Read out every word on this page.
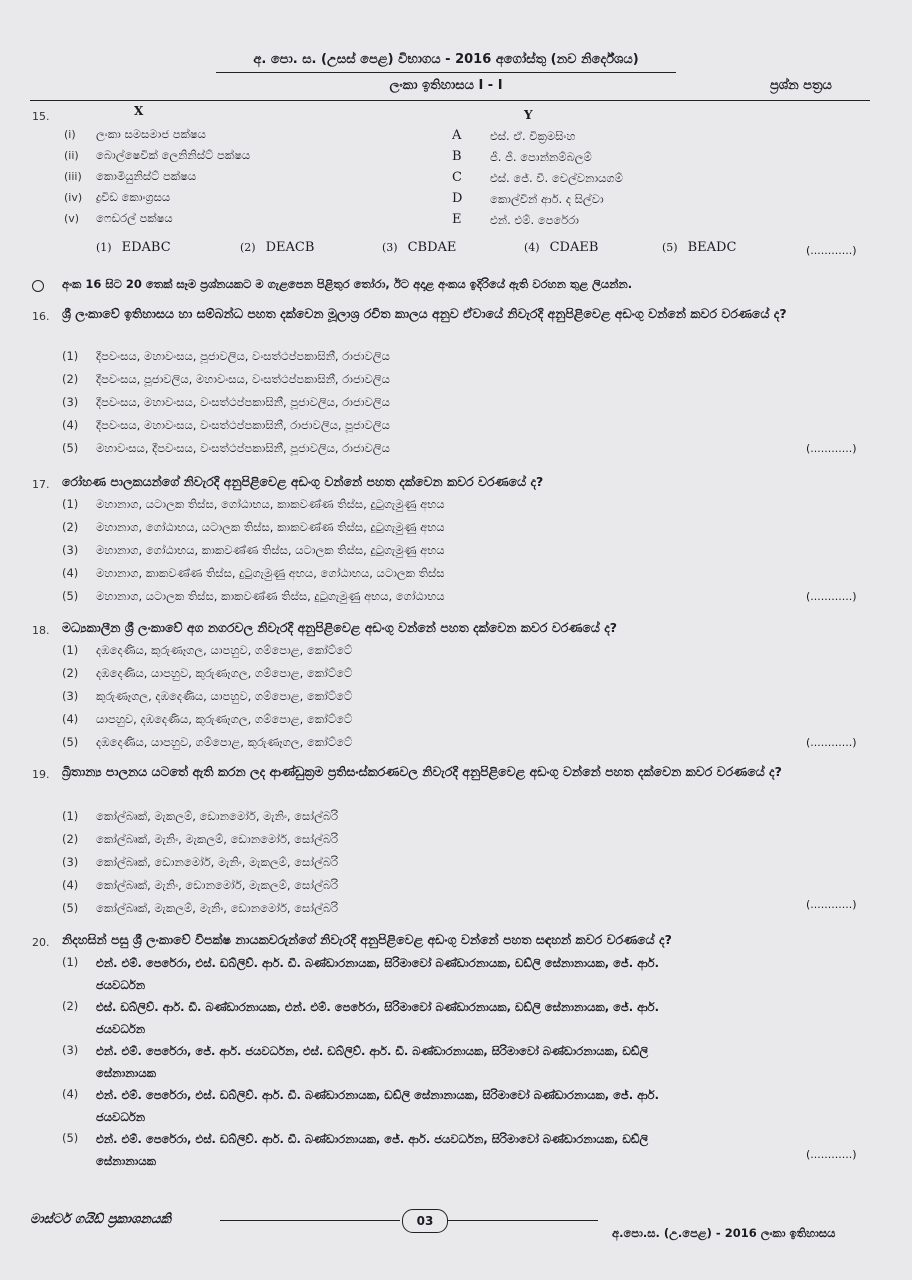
අ. පො. ස. (උසස් පෙළ) විභාගය - 2016 අගෝස්තු (නව නිර්දේශය)
ලංකා ඉතිහාසය I - I	ප්‍රශ්න පත්‍රය
15.	X	Y
(i) ලංකා සමසමාජ පක්ෂය
(ii) බොල්ෂෙවික් ලෙනිනිස්ට් පක්ෂය
(iii) කොමියුනිස්ට් පක්ෂය
(iv) ද්‍රවිඩ කොංග්‍රසය
(v) ෆෙඩරල් පක්ෂය
A එස්. ඒ. වික්‍රමසිංහ
B ජී. ජී. පොන්නම්බලම්
C එස්. ජේ. වී. චෙල්වනායගම්
D කොල්වින් ආර්. ද සිල්වා
E එන්. එම්. පෙරේරා
(1) EDABC	(2) DEACB	(3) CBDAE	(4) CDAEB	(5) BEADC	(............)
අංක 16 සිට 20 තෙක් සෑම ප්‍රශ්නයකට ම ගැළපෙන පිළිතුර තෝරා, ඊට අදාළ අංකය ඉදිරියේ ඇති වරහන තුළ ලියන්න.
16. ශ්‍රී ලංකාවේ ඉතිහාසය හා සම්බන්ධ පහත දක්වෙන මූලාශ්‍ර රචිත කාලය අනුව ඒවායේ නිවැරදි අනුපිළිවෙළ අඩංගු වන්නේ කවර වරණයේ ද?
(1)	දීපවංසය, මහාවංසය, පූජාවලිය, වංසත්ථප්පකාසිනී, රාජාවලිය
(2)	දීපවංසය, පූජාවලිය, මහාවංසය, වංසත්ථප්පකාසිනී, රාජාවලිය
(3)	දීපවංසය, මහාවංසය, වංසත්ථප්පකාසිනී, පූජාවලිය, රාජාවලිය
(4)	දීපවංසය, මහාවංසය, වංසත්ථප්පකාසිනී, රාජාවලිය, පූජාවලිය
(5)	මහාවංසය, දීපවංසය, වංසත්ථප්පකාසිනී, පූජාවලිය, රාජාවලිය	(............)
17. රෝහණ පාලකයන්ගේ නිවැරදි අනුපිළිවෙළ අඩංගු වන්නේ පහත දක්වෙන කවර වරණයේ ද?
(1)	මහානාග, යටාලක තිස්ස, ගෝඨාභය, කාකවණ්ණ තිස්ස, දුටුගැමුණු අභය
(2)	මහානාග, ගෝඨාභය, යටාලක තිස්ස, කාකවණ්ණ තිස්ස, දුටුගැමුණු අභය
(3)	මහානාග, ගෝඨාභය, කාකවණ්ණ තිස්ස, යටාලක තිස්ස, දුටුගැමුණු අභය
(4)	මහානාග, කාකවණ්ණ තිස්ස, දුටුගැමුණු අභය, ගෝඨාභය, යටාලක තිස්ස
(5)	මහානාග, යටාලක තිස්ස, කාකවණ්ණ තිස්ස, දුටුගැමුණු අභය, ගෝඨාභය	(............)
18. මධ්‍යකාලීන ශ්‍රී ලංකාවේ අග නගරවල නිවැරදි අනුපිළිවෙළ අඩංගු වන්නේ පහත දක්වෙන කවර වරණයේ ද?
(1)	දඹදෙණිය, කුරුණෑගල, යාපහුව, ගම්පොළ, කෝට්ටේ
(2)	දඹදෙණිය, යාපහුව, කුරුණෑගල, ගම්පොළ, කෝට්ටේ
(3)	කුරුණෑගල, දඹදෙණිය, යාපහුව, ගම්පොළ, කෝට්ටේ
(4)	යාපහුව, දඹදෙණිය, කුරුණෑගල, ගම්පොළ, කෝට්ටේ
(5)	දඹදෙණිය, යාපහුව, ගම්පොළ, කුරුණෑගල, කෝට්ටේ	(............)
19. බ්‍රිතාන්‍ය පාලනය යටතේ ඇති කරන ලද ආණ්ඩුක්‍රම ප්‍රතිසංස්කරණවල නිවැරදි අනුපිළිවෙළ අඩංගු වන්නේ පහත දක්වෙන කවර වරණයේ ද?
(1)	කෝල්බෘක්, මැකලම්, ඩොනමෝර්, මැනිං, සෝල්බරි
(2)	කෝල්බෘක්, මැනිං, මැකලම්, ඩොනමෝර්, සෝල්බරි
(3)	කෝල්බෘක්, ඩොනමෝර්, මැනිං, මැකලම්, සෝල්බරි
(4)	කෝල්බෘක්, මැනිං, ඩොනමෝර්, මැකලම්, සෝල්බරි
(5)	කෝල්බෘක්, මැකලම්, මැනිං, ඩොනමෝර්, සෝල්බරි	(............)
20. නිදහසින් පසු ශ්‍රී ලංකාවේ විපක්ෂ නායකවරුන්ගේ නිවැරදි අනුපිළිවෙළ අඩංගු වන්නේ පහත සඳහන් කවර වරණයේ ද?
(1)	එන්. එම්. පෙරේරා, එස්. ඩබ්ලිව්. ආර්. ඩී. බණ්ඩාරනායක, සිරිමාවෝ බණ්ඩාරනායක, ඩඩ්ලි සේනානායක, ජේ. ආර්.
ජයවර්ධන
(2)	එස්. ඩබ්ලිව්. ආර්. ඩී. බණ්ඩාරනායක, එන්. එම්. පෙරේරා, සිරිමාවෝ බණ්ඩාරනායක, ඩඩ්ලි සේනානායක, ජේ. ආර්.
ජයවර්ධන
(3)	එන්. එම්. පෙරේරා, ජේ. ආර්. ජයවර්ධන, එස්. ඩබ්ලිව්. ආර්. ඩී. බණ්ඩාරනායක, සිරිමාවෝ බණ්ඩාරනායක, ඩඩ්ලි
සේනානායක
(4)	එන්. එම්. පෙරේරා, එස්. ඩබ්ලිව්. ආර්. ඩී. බණ්ඩාරනායක, ඩඩ්ලි සේනානායක, සිරිමාවෝ බණ්ඩාරනායක, ජේ. ආර්.
ජයවර්ධන
(5)	එන්. එම්. පෙරේරා, එස්. ඩබ්ලිව්. ආර්. ඩී. බණ්ඩාරනායක, ජේ. ආර්. ජයවර්ධන, සිරිමාවෝ බණ්ඩාරනායක, ඩඩ්ලි
සේනානායක	(............)
මාස්ටර් ගයිඩ් ප්‍රකාශනයකි	03
අ.පො.ස. (උ.පෙළ) - 2016 ලංකා ඉතිහාසය
